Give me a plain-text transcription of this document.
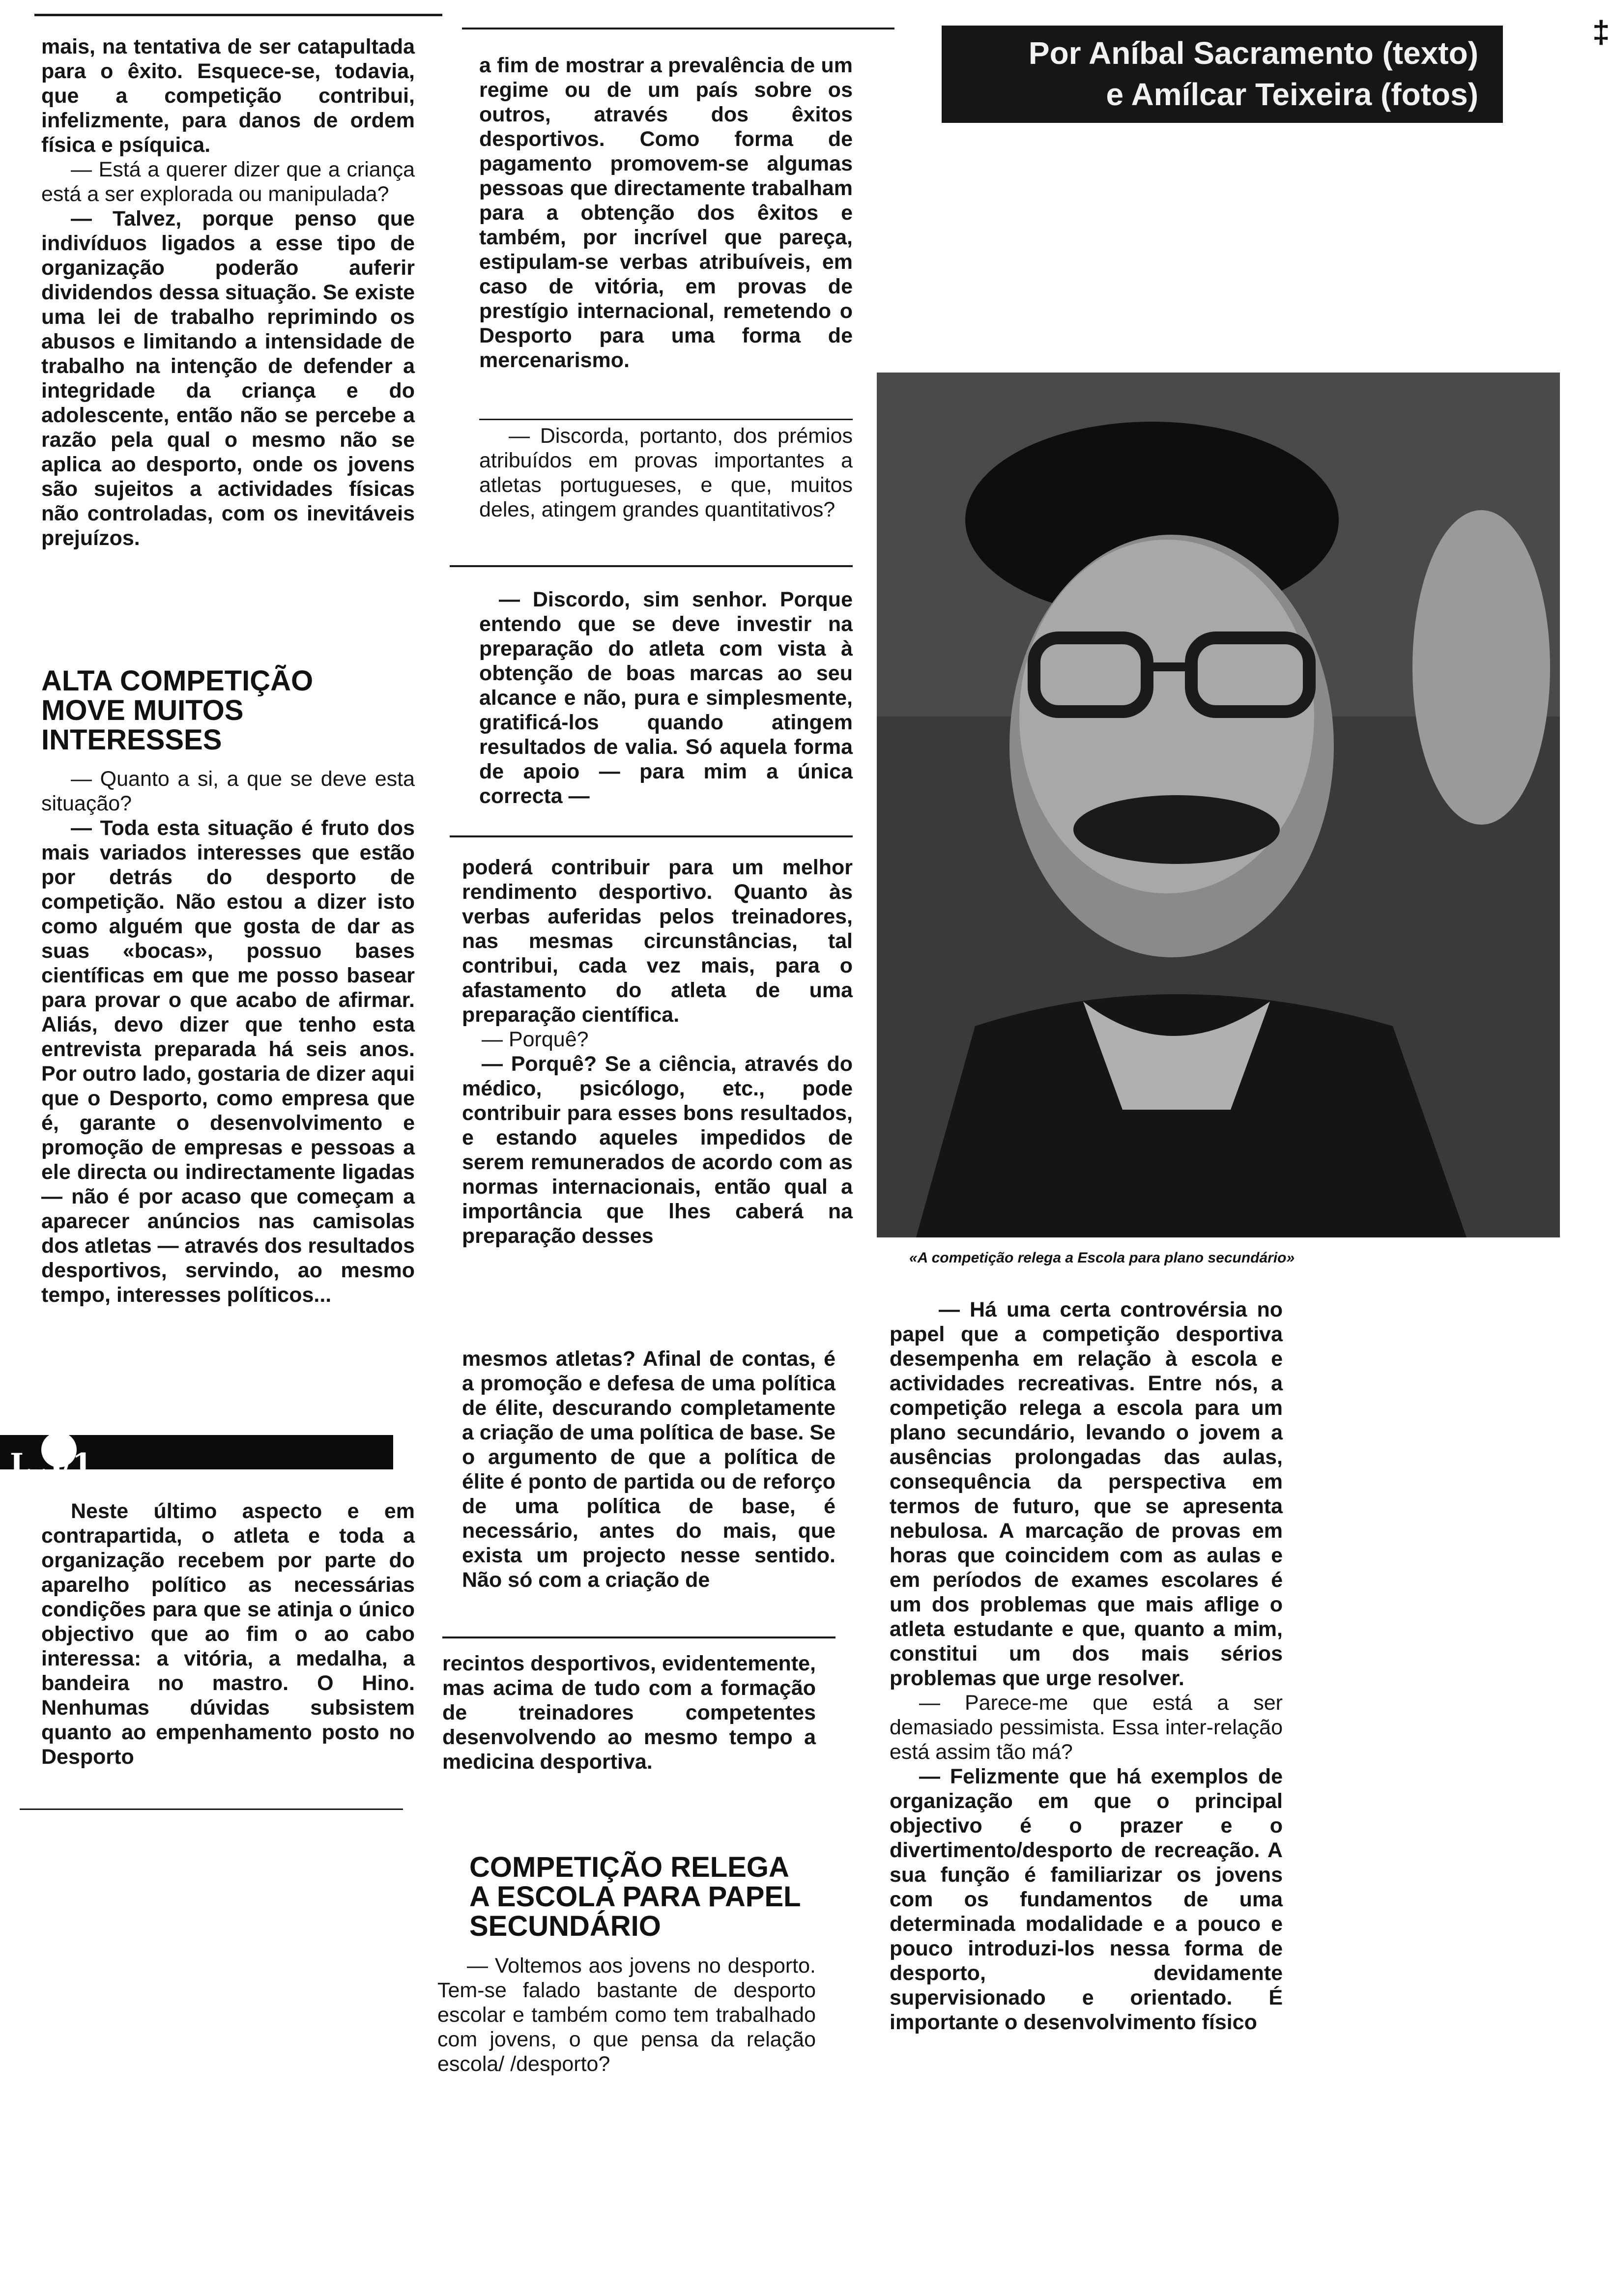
‡

mais, na tentativa de ser catapultada para o êxito. Esquece-se, todavia, que a competição contribui, infelizmente, para danos de ordem física e psíquica.

— Está a querer dizer que a criança está a ser explorada ou manipulada?

— Talvez, porque penso que indivíduos ligados a esse tipo de organização poderão auferir dividendos dessa situação. Se existe uma lei de trabalho reprimindo os abusos e limitando a intensidade de trabalho na intenção de defender a integridade da criança e do adolescente, então não se percebe a razão pela qual o mesmo não se aplica ao desporto, onde os jovens são sujeitos a actividades físicas não controladas, com os inevitáveis prejuízos.

ALTA COMPETIÇÃO MOVE MUITOS INTERESSES

— Quanto a si, a que se deve esta situação?

— Toda esta situação é fruto dos mais variados interesses que estão por detrás do desporto de competição. Não estou a dizer isto como alguém que gosta de dar as suas «bocas», possuo bases científicas em que me posso basear para provar o que acabo de afirmar. Aliás, devo dizer que tenho esta entrevista preparada há seis anos. Por outro lado, gostaria de dizer aqui que o Desporto, como empresa que é, garante o desenvolvimento e promoção de empresas e pessoas a ele directa ou indirectamente ligadas — não é por acaso que começam a aparecer anúncios nas camisolas dos atletas — através dos resultados desportivos, servindo, ao mesmo tempo, interesses políticos...

L.3/1

Neste último aspecto e em contrapartida, o atleta e toda a organização recebem por parte do aparelho político as necessárias condições para que se atinja o único objectivo que ao fim o ao cabo interessa: a vitória, a medalha, a bandeira no mastro. O Hino. Nenhumas dúvidas subsistem quanto ao empenhamento posto no Desporto

a fim de mostrar a prevalência de um regime ou de um país sobre os outros, através dos êxitos desportivos. Como forma de pagamento promovem-se algumas pessoas que directamente trabalham para a obtenção dos êxitos e também, por incrível que pareça, estipulam-se verbas atribuíveis, em caso de vitória, em provas de prestígio internacional, remetendo o Desporto para uma forma de mercenarismo.

— Discorda, portanto, dos prémios atribuídos em provas importantes a atletas portugueses, e que, muitos deles, atingem grandes quantitativos?

— Discordo, sim senhor. Porque entendo que se deve investir na preparação do atleta com vista à obtenção de boas marcas ao seu alcance e não, pura e simplesmente, gratificá-los quando atingem resultados de valia. Só aquela forma de apoio — para mim a única correcta —

poderá contribuir para um melhor rendimento desportivo. Quanto às verbas auferidas pelos treinadores, nas mesmas circunstâncias, tal contribui, cada vez mais, para o afastamento do atleta de uma preparação científica.

— Porquê?

— Porquê? Se a ciência, através do médico, psicólogo, etc., pode contribuir para esses bons resultados, e estando aqueles impedidos de serem remunerados de acordo com as normas internacionais, então qual a importância que lhes caberá na preparação desses

mesmos atletas? Afinal de contas, é a promoção e defesa de uma política de élite, descurando completamente a criação de uma política de base. Se o argumento de que a política de élite é ponto de partida ou de reforço de uma política de base, é necessário, antes do mais, que exista um projecto nesse sentido. Não só com a criação de

recintos desportivos, evidentemente, mas acima de tudo com a formação de treinadores competentes desenvolvendo ao mesmo tempo a medicina desportiva.

COMPETIÇÃO RELEGA A ESCOLA PARA PAPEL SECUNDÁRIO

— Voltemos aos jovens no desporto. Tem-se falado bastante de desporto escolar e também como tem trabalhado com jovens, o que pensa da relação escola/ /desporto?

Por Aníbal Sacramento (texto)
e Amílcar Teixeira (fotos)
«A competição relega a Escola para plano secundário»

— Há uma certa controvérsia no papel que a competição desportiva desempenha em relação à escola e actividades recreativas. Entre nós, a competição relega a escola para um plano secundário, levando o jovem a ausências prolongadas das aulas, consequência da perspectiva em termos de futuro, que se apresenta nebulosa. A marcação de provas em horas que coincidem com as aulas e em períodos de exames escolares é um dos problemas que mais aflige o atleta estudante e que, quanto a mim, constitui um dos mais sérios problemas que urge resolver.

— Parece-me que está a ser demasiado pessimista. Essa inter-relação está assim tão má?

— Felizmente que há exemplos de organização em que o principal objectivo é o prazer e o divertimento/desporto de recreação. A sua função é familiarizar os jovens com os fundamentos de uma determinada modalidade e a pouco e pouco introduzi-los nessa forma de desporto, devidamente supervisionado e orientado. É importante o desenvolvimento físico
